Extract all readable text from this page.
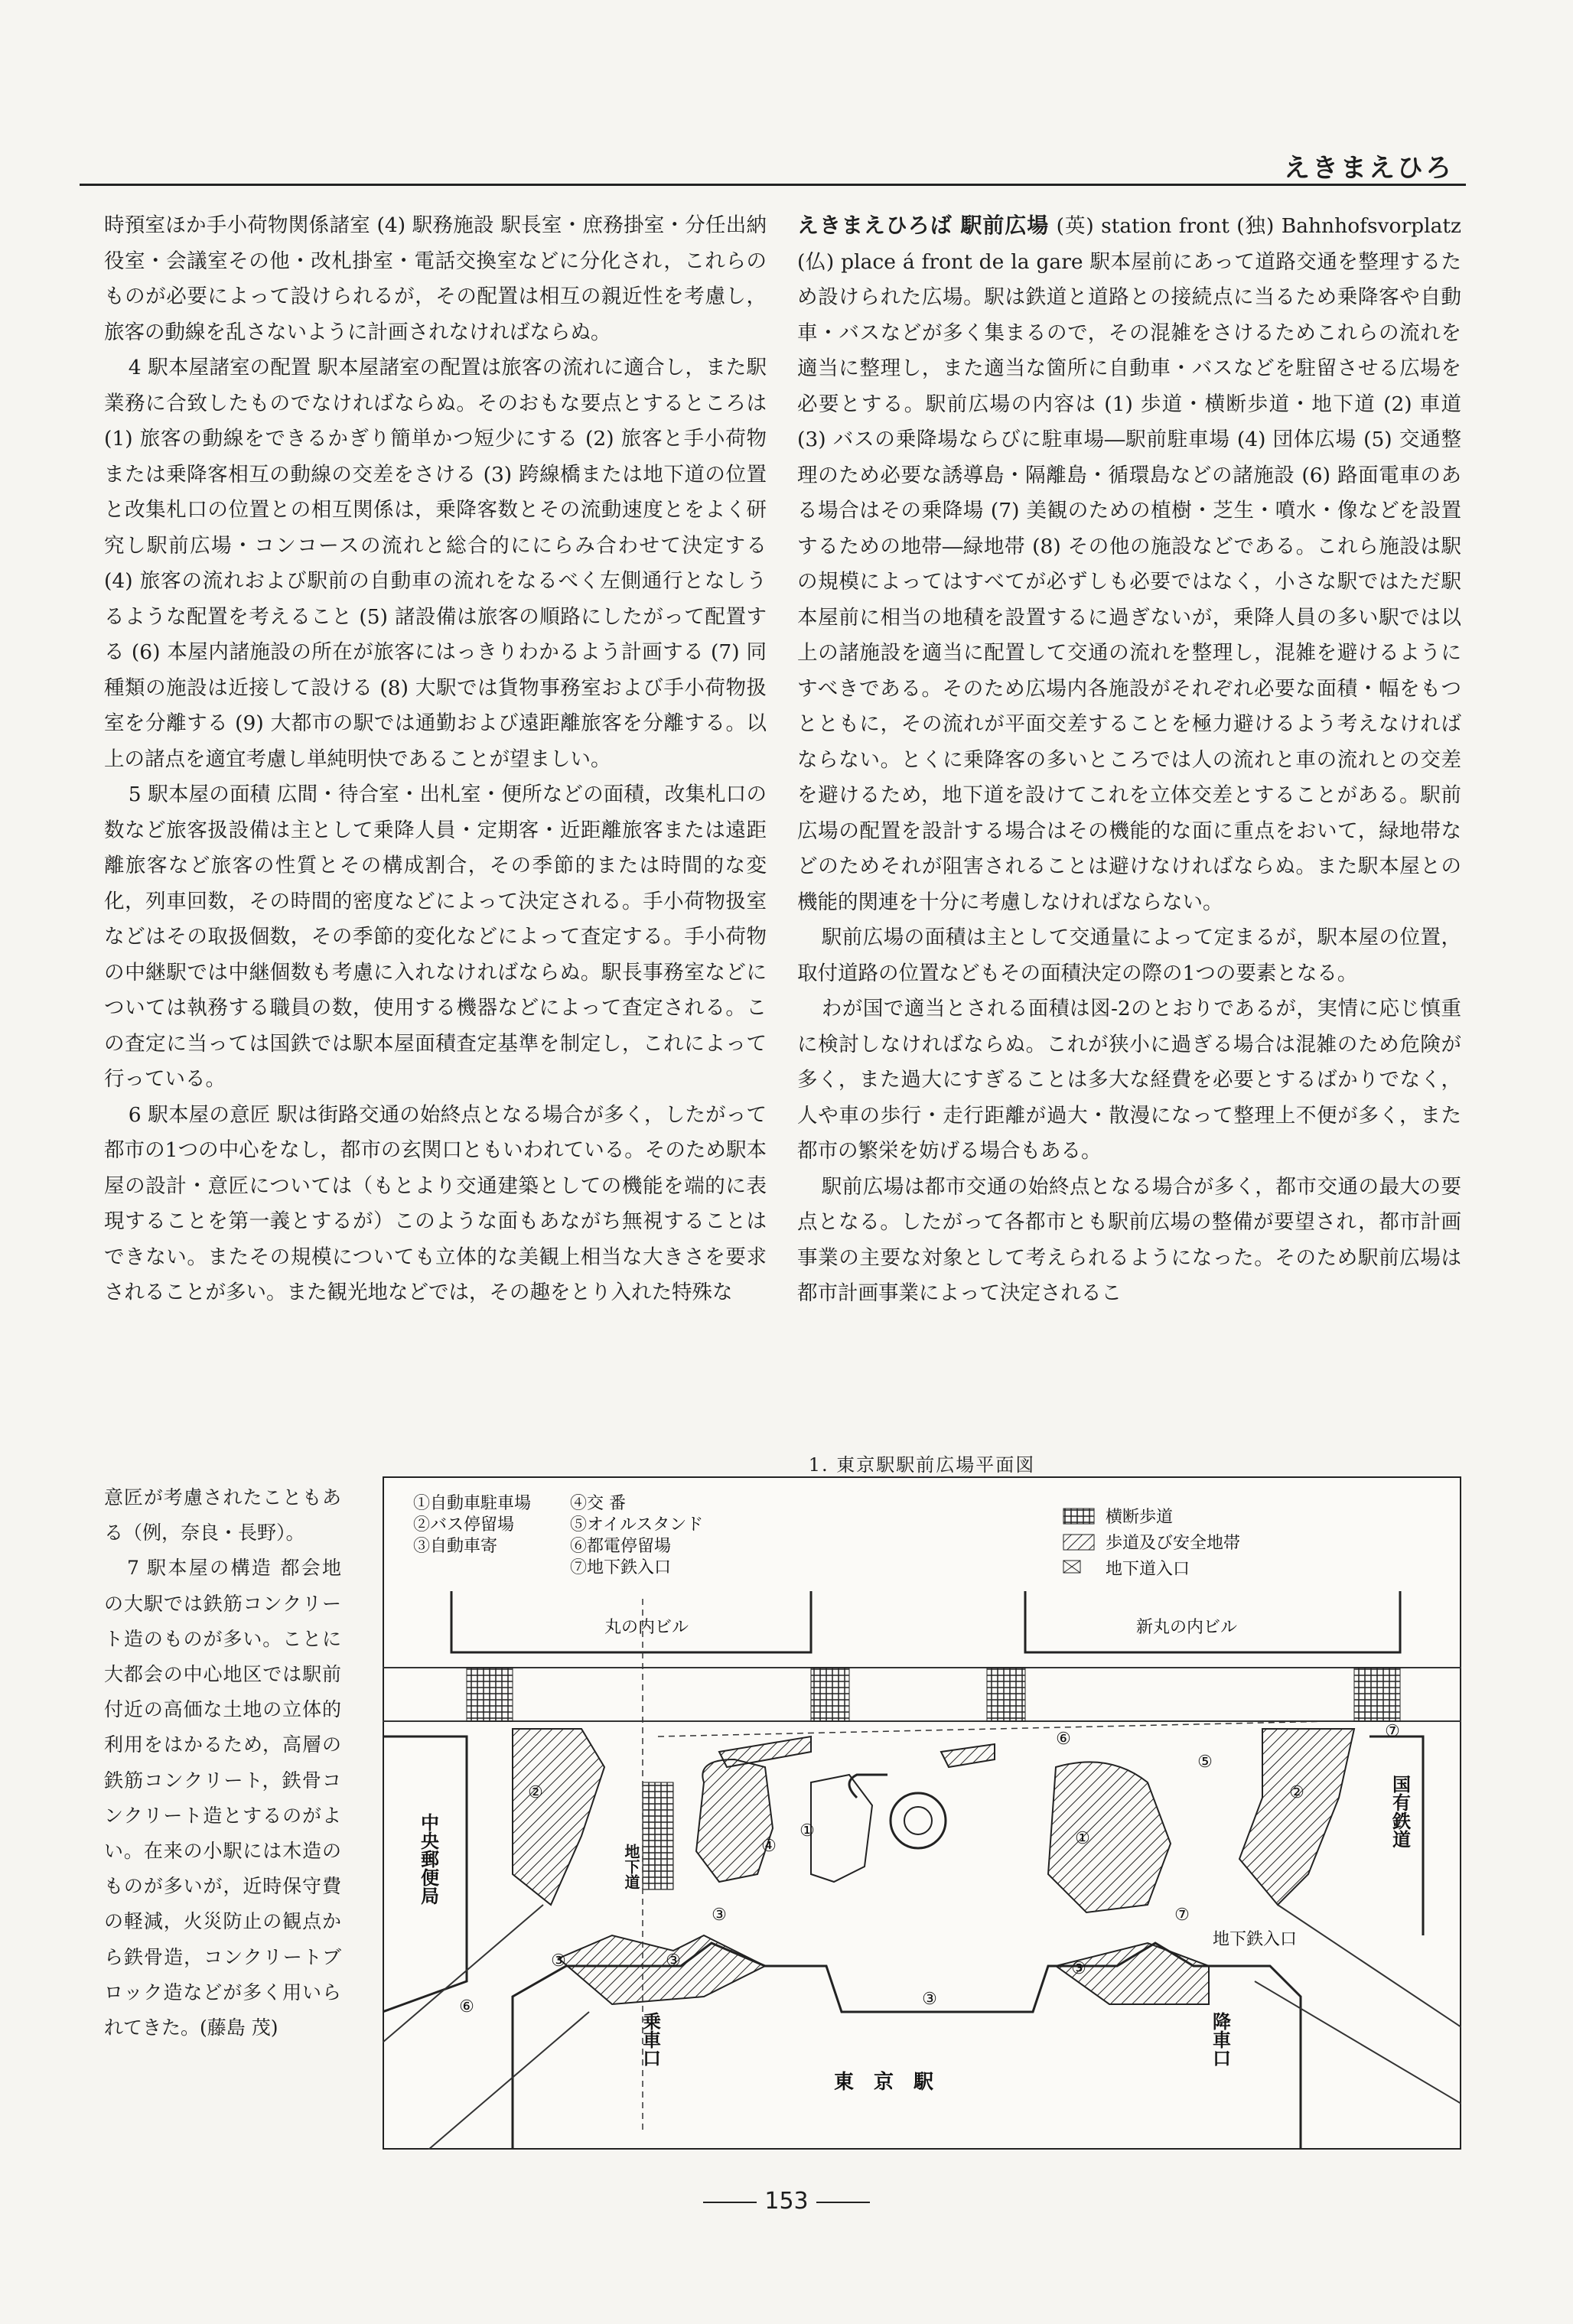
えきまえひろ

時預室ほか手小荷物関係諸室 (4) 駅務施設 駅長室・庶務掛室・分任出納役室・会議室その他・改札掛室・電話交換室などに分化され，これらのものが必要によって設けられるが，その配置は相互の親近性を考慮し，旅客の動線を乱さないように計画されなければならぬ。

4 駅本屋諸室の配置 駅本屋諸室の配置は旅客の流れに適合し，また駅業務に合致したものでなければならぬ。そのおもな要点とするところは (1) 旅客の動線をできるかぎり簡単かつ短少にする (2) 旅客と手小荷物または乗降客相互の動線の交差をさける (3) 跨線橋または地下道の位置と改集札口の位置との相互関係は，乗降客数とその流動速度とをよく研究し駅前広場・コンコースの流れと総合的ににらみ合わせて決定する (4) 旅客の流れおよび駅前の自動車の流れをなるべく左側通行となしうるような配置を考えること (5) 諸設備は旅客の順路にしたがって配置する (6) 本屋内諸施設の所在が旅客にはっきりわかるよう計画する (7) 同種類の施設は近接して設ける (8) 大駅では貨物事務室および手小荷物扱室を分離する (9) 大都市の駅では通勤および遠距離旅客を分離する。以上の諸点を適宜考慮し単純明快であることが望ましい。

5 駅本屋の面積 広間・待合室・出札室・便所などの面積，改集札口の数など旅客扱設備は主として乗降人員・定期客・近距離旅客または遠距離旅客など旅客の性質とその構成割合，その季節的または時間的な変化，列車回数，その時間的密度などによって決定される。手小荷物扱室などはその取扱個数，その季節的変化などによって査定する。手小荷物の中継駅では中継個数も考慮に入れなければならぬ。駅長事務室などについては執務する職員の数，使用する機器などによって査定される。この査定に当っては国鉄では駅本屋面積査定基準を制定し，これによって行っている。

6 駅本屋の意匠 駅は街路交通の始終点となる場合が多く，したがって都市の1つの中心をなし，都市の玄関口ともいわれている。そのため駅本屋の設計・意匠については（もとより交通建築としての機能を端的に表現することを第一義とするが）このような面もあながち無視することはできない。またその規模についても立体的な美観上相当な大きさを要求されることが多い。また観光地などでは，その趣をとり入れた特殊な

意匠が考慮されたこともある（例，奈良・長野）。

7 駅本屋の構造 都会地の大駅では鉄筋コンクリート造のものが多い。ことに大都会の中心地区では駅前付近の高価な土地の立体的利用をはかるため，高層の鉄筋コンクリート，鉄骨コンクリート造とするのがよい。在来の小駅には木造のものが多いが，近時保守費の軽減，火災防止の観点から鉄骨造，コンクリートブロック造などが多く用いられてきた。(藤島 茂)

えきまえひろば 駅前広場 (英) station front (独) Bahnhofsvorplatz (仏) place á front de la gare 駅本屋前にあって道路交通を整理するため設けられた広場。駅は鉄道と道路との接続点に当るため乗降客や自動車・バスなどが多く集まるので，その混雑をさけるためこれらの流れを適当に整理し，また適当な箇所に自動車・バスなどを駐留させる広場を必要とする。駅前広場の内容は (1) 歩道・横断歩道・地下道 (2) 車道 (3) バスの乗降場ならびに駐車場―駅前駐車場 (4) 団体広場 (5) 交通整理のため必要な誘導島・隔離島・循環島などの諸施設 (6) 路面電車のある場合はその乗降場 (7) 美観のための植樹・芝生・噴水・像などを設置するための地帯―緑地帯 (8) その他の施設などである。これら施設は駅の規模によってはすべてが必ずしも必要ではなく，小さな駅ではただ駅本屋前に相当の地積を設置するに過ぎないが，乗降人員の多い駅では以上の諸施設を適当に配置して交通の流れを整理し，混雑を避けるようにすべきである。そのため広場内各施設がそれぞれ必要な面積・幅をもつとともに，その流れが平面交差することを極力避けるよう考えなければならない。とくに乗降客の多いところでは人の流れと車の流れとの交差を避けるため，地下道を設けてこれを立体交差とすることがある。駅前広場の配置を設計する場合はその機能的な面に重点をおいて，緑地帯などのためそれが阻害されることは避けなければならぬ。また駅本屋との機能的関連を十分に考慮しなければならない。

駅前広場の面積は主として交通量によって定まるが，駅本屋の位置，取付道路の位置などもその面積決定の際の1つの要素となる。

わが国で適当とされる面積は図-2のとおりであるが，実情に応じ慎重に検討しなければならぬ。これが狭小に過ぎる場合は混雑のため危険が多く，また過大にすぎることは多大な経費を必要とするばかりでなく，人や車の歩行・走行距離が過大・散漫になって整理上不便が多く，また都市の繁栄を妨げる場合もある。

駅前広場は都市交通の始終点となる場合が多く，都市交通の最大の要点となる。したがって各都市とも駅前広場の整備が要望され，都市計画事業の主要な対象として考えられるようになった。そのため駅前広場は都市計画事業によって決定されるこ

1. 東京駅駅前広場平面図
①自動車駐車場
②バス停留場
③自動車寄
④交 番
⑤オイルスタンド
⑥都電停留場
⑦地下鉄入口
横断歩道
歩道及び安全地帯
地下道入口
②	②
①	①
④
⑤
⑥
⑥
⑦
⑦
③
③	③
③
③
丸の内ビル	新丸の内ビル
地下鉄入口
東　京　駅
中央郵便局
国有鉄道
地下道
乗車口	降車口
153
